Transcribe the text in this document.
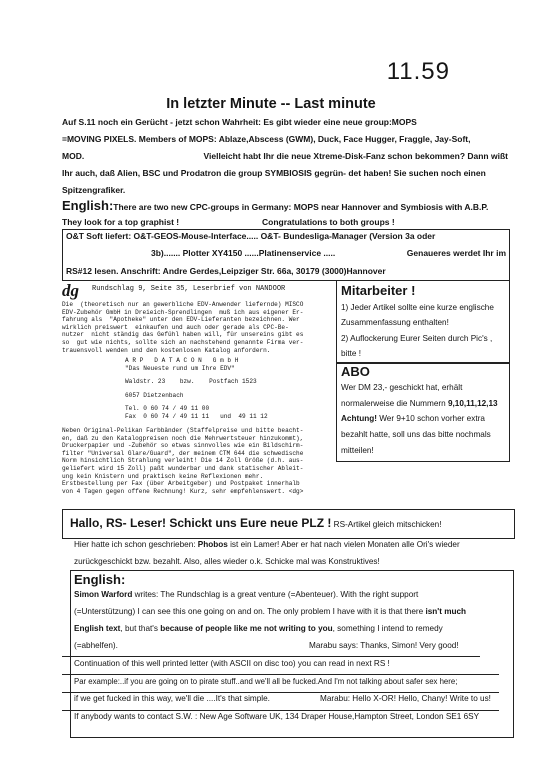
11.59
In letzter Minute -- Last minute
Auf S.11 noch ein Gerücht - jetzt schon Wahrheit: Es gibt wieder eine neue group:MOPS
=MOVING PIXELS. Members of MOPS: Ablaze,Abscess (GWM), Duck, Face Hugger, Fraggle, Jay-Soft,
MOD.	Vielleicht habt Ihr die neue Xtreme-Disk-Fanz schon bekommen? Dann wißt
Ihr auch, daß Alien, BSC und Prodatron die group SYMBIOSIS gegrün- det haben! Sie suchen noch einen
Spitzengrafiker.
English:There are two new CPC-groups in Germany: MOPS near Hannover and Symbiosis with A.B.P.
They look for a top graphist !	Congratulations to both groups !
O&T Soft liefert: O&T-GEOS-Mouse-Interface..... O&T- Bundesliga-Manager (Version 3a oder
3b)....... Plotter XY4150 ......Platinenservice .....	Genaueres werdet Ihr im
RS#12 lesen. Anschrift: Andre Gerdes,Leipziger Str. 66a, 30179 (3000)Hannover
dg Rundschlag 9, Seite 35, Leserbrief von NANDOOR
Die  (theoretisch nur an gewerbliche EDV-Anwender liefernde) MISCO
EDV-Zubehör GmbH in Dreieich-Sprendlingen  muß ich aus eigener Er-
fahrung als  "Apotheke" unter den EDV-Lieferanten bezeichnen. Wer
wirklich preiswert  einkaufen und auch oder gerade als CPC-Be-
nutzer  nicht ständig das Gefühl haben will, für unsereins gibt es
so  gut wie nichts, sollte sich an nachstehend genannte Firma ver-
trauensvoll wenden und den kostenlosen Katalog anfordern.
A R P   D A T A C O N   G m b H
"Das Neueste rund um Ihre EDV"
Waldstr. 23    bzw.    Postfach 1523
6057 Dietzenbach
Tel. 0 60 74 / 49 11 00
Fax  0 60 74 / 49 11 11   und  49 11 12
Neben Original-Pelikan Farbbänder (Staffelpreise und bitte beacht-
en, daß zu den Katalogpreisen noch die Mehrwertsteuer hinzukommt),
Druckerpapier und -Zubehör so etwas sinnvolles wie ein Bildschirm-
filter "Universal Glare/Guard", der meinem CTM 644 die schwedische
Norm hinsichtlich Strahlung verleiht! Die 14 Zoll Größe (d.h. aus-
geliefert wird 15 Zoll) paßt wunderbar und dank statischer Ableit-
ung kein Knistern und praktisch keine Reflexionen mehr.
Erstbestellung per Fax (über Arbeitgeber) und Postpaket innerhalb
von 4 Tagen gegen offene Rechnung! Kurz, sehr empfehlenswert. <dg>
Mitarbeiter !
1) Jeder Artikel sollte eine kurze englische
Zusammenfassung enthalten!
2) Auflockerung Eurer Seiten durch Pic's ,
bitte !
ABO
Wer DM 23,- geschickt hat, erhält
normalerweise die Nummern 9,10,11,12,13
Achtung! Wer 9+10 schon vorher extra
bezahlt hatte, soll uns das bitte nochmals
mitteilen!
Hallo, RS- Leser! Schickt uns Eure neue PLZ ! RS-Artikel gleich mitschicken!
Hier hatte ich schon geschrieben: Phobos ist ein Lamer! Aber er hat nach vielen Monaten alle Ori's wieder
zurückgeschickt bzw. bezahlt. Also, alles wieder o.k. Schicke mal was Konstruktives!
English:
Simon Warford writes: The Rundschlag is a great venture (=Abenteuer). With the right support
(=Unterstützung) I can see this one going on and on. The only problem I have with it is that there isn't much
English text, but that's because of people like me not writing to you, something I intend to remedy
(=abhelfen).	Marabu says: Thanks, Simon! Very good!
Continuation of this well printed letter (with ASCII on disc too) you can read in next RS !
Par example:..if you are going on to pirate stuff..and we'll all be fucked.And I'm not talking about safer sex here;
if we get fucked in this way, we'll die ....It's that simple.	Marabu: Hello X-OR! Hello, Chany! Write to us!
If anybody wants to contact S.W. : New Age Software UK, 134 Draper House,Hampton Street, London SE1 6SY
